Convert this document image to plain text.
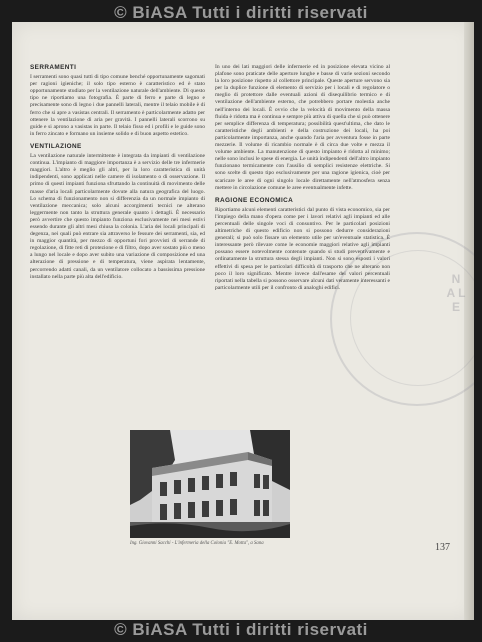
© BiASA Tutti i diritti riservati
N A L E
SERRAMENTI

I serramenti sono quasi tutti di tipo comune benché opportunamente sagomati per ragioni igieniche; il solo tipo esterno è caratteristico ed è stato opportunamente studiato per la ventilazione naturale dell'ambiente. Di questo tipo ne riportiamo una fotografia. È parte di ferro e parte di legno e precisamente sono di legno i due pannelli laterali, mentre il telaio mobile è di ferro che si apre a vasistas centrali. Il serramento è particolarmente adatto per ottenere la ventilazione di aria per gravità. I pannelli laterali scorrono su guide e si aprono a vasistas in parte. Il telaio fisso ed i profili e le guide sono in ferro zincato e formano un insieme solido e di buon aspetto estetico.

VENTILAZIONE

La ventilazione naturale intermittente è integrata da impianti di ventilazione continua. L'impianto di maggiore importanza è a servizio delle tre infermerie maggiori. L'altro è meglio gli altri, per la loro caratteristica di unità indipendenti, sono applicati nelle camere di isolamento o di osservazione. Il primo di questi impianti funziona sfruttando la continuità di movimento delle masse d'aria locali particolarmente dovute alla natura geografica del luogo. Lo schema di funzionamento non si differenzia da un normale impianto di ventilazione meccanica; solo alcuni accorgimenti tecnici ne alterano leggermente non tanto la struttura generale quanto i dettagli. È necessario però avvertire che questo impianto funziona esclusivamente nei mesi estivi essendo durante gli altri mesi chiusa la colonia. L'aria dei locali principali di degenza, nei quali può entrare sia attraverso le fessure dei serramenti, sia, ed in maggior quantità, per mezzo di opportuni fori provvisti di serrande di regolazione, di fitte reti di protezione e di filtro, dopo aver sostato più o meno a lungo nel locale e dopo aver subito una variazione di composizione ed una alterazione di pressione e di temperatura, viene aspirata lentamente, percorrendo adatti canali, da un ventilatore collocato a bassissima pressione installato nella parte più alta dell'edificio.

In uno dei lati maggiori delle infermerie ed in posizione elevata vicino al plafone sono praticate delle aperture lunghe e basse di varie sezioni secondo la loro posizione rispetto al collettore principale. Queste aperture servono sia per la duplice funzione di elemento di servizio per i locali e di regolatore o meglio di protettore dalle eventuali azioni di disequilibrio termico e di ventilazione dell'ambiente esterno, che potrebbero portare molestia anche nell'interno dei locali. È ovvio che la velocità di movimento della massa fluida è ridotta ma è continua e sempre più attiva di quella che si può ottenere per semplice differenza di temperatura; possibilità quest'ultima, che dato le caratteristiche degli ambienti e della costruzione dei locali, ha poi particolarmente importanza, anche quando l'aria per avventura fosse in parte mezzerie. Il volume di ricambio normale è di circa due volte e mezza il volume ambiente. La manutenzione di questo impianto è ridotta al minimo; nelle sono inclusi le spese di energia. Le unità indipendenti dell'altro impianto funzionano termicamente con l'ausilio di semplici resistenze elettriche. Si sono scelte di questo tipo esclusivamente per una ragione igienica, cioè per scaricare le aree di ogni singolo locale direttamente nell'atmosfera senza mettere in circolazione comune le aree eventualmente infette.

RAGIONE ECONOMICA

Riportiamo alcuni elementi caratteristici dal punto di vista economico, sia per l'impiego della mano d'opera come per i lavori relativi agli impianti ed alle percentuali delle singole voci di consuntivo. Per le particolari posizioni altimetriche di questo edificio non si possono dedurre considerazioni generali; si può solo fissare un elemento utile per un'eventuale statistica. È interessante però rilevare come le economie maggiori relative agli impianti possano essere notevolmente contenute quando si studi preventivamente e ordinatamente la struttura stessa degli impianti. Non si sono esposti i valori effettivi di spesa per le particolari difficoltà di trasporto che ne alterano non poco il loro significato. Mentre invece dall'esame dei valori percentuali riportati nella tabella si possono osservare alcuni dati veramente interessanti e particolarmente utili per il confronto di analoghi edifici.

Ing. Giovanni Sacchi - L'infermeria della Colonia "E. Motta", a Sana	137
© BiASA Tutti i diritti riservati
